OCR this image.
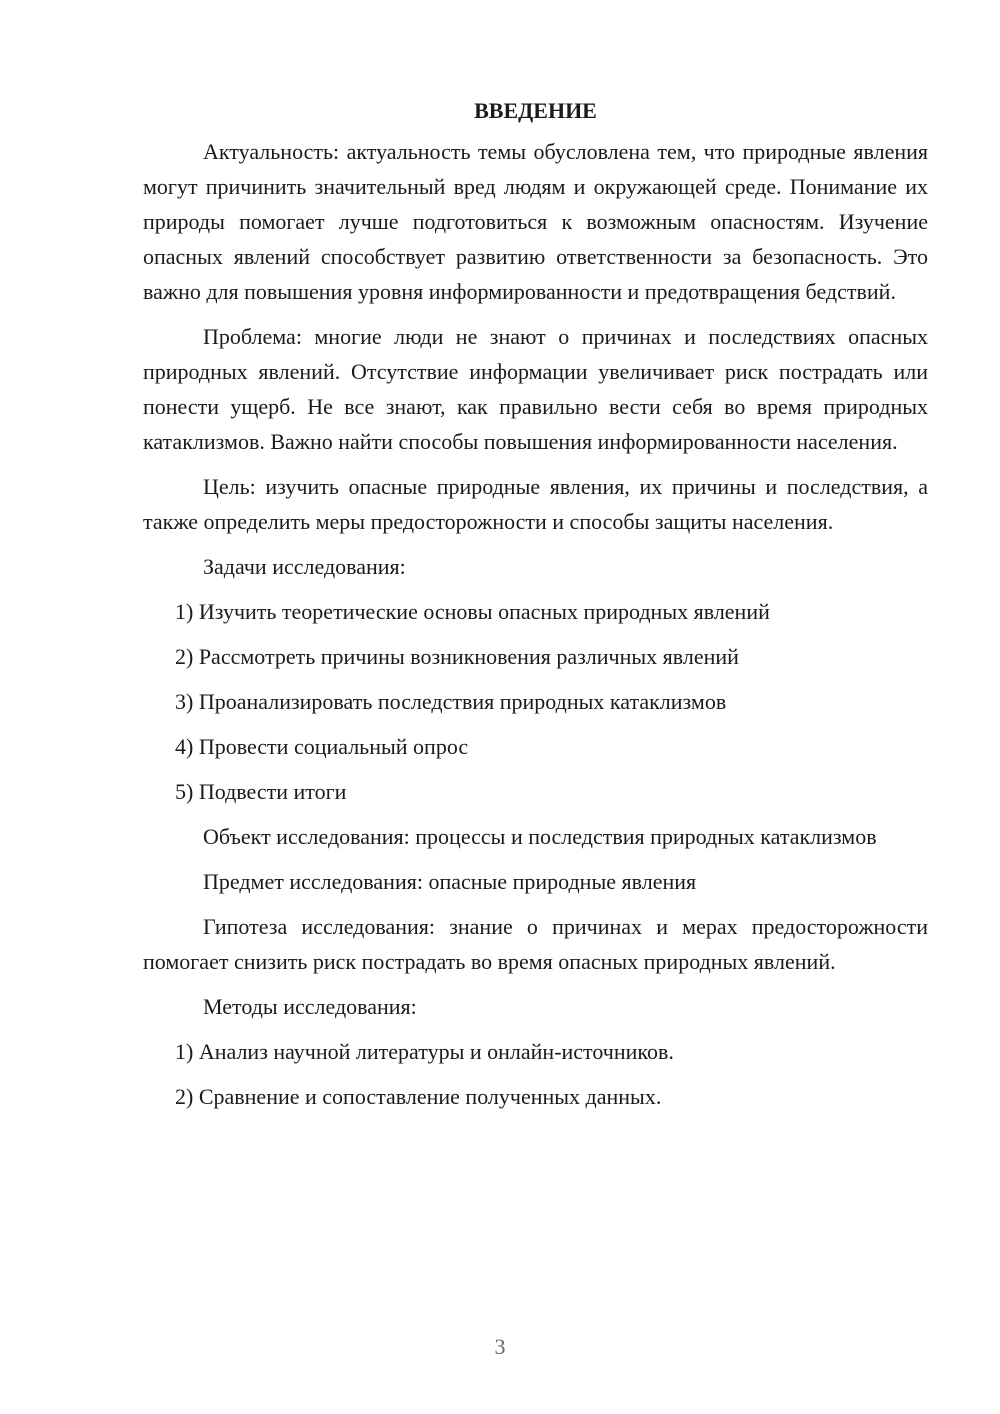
ВВЕДЕНИЕ

Актуальность: актуальность темы обусловлена тем, что природные явления могут причинить значительный вред людям и окружающей среде. Понимание их природы помогает лучше подготовиться к возможным опасностям. Изучение опасных явлений способствует развитию ответственности за безопасность. Это важно для повышения уровня информированности и предотвращения бедствий.

Проблема: многие люди не знают о причинах и последствиях опасных природных явлений. Отсутствие информации увеличивает риск пострадать или понести ущерб. Не все знают, как правильно вести себя во время природных катаклизмов. Важно найти способы повышения информированности населения.

Цель: изучить опасные природные явления, их причины и последствия, а также определить меры предосторожности и способы защиты населения.

Задачи исследования:

1) Изучить теоретические основы опасных природных явлений

2) Рассмотреть причины возникновения различных явлений

3) Проанализировать последствия природных катаклизмов

4) Провести социальный опрос

5) Подвести итоги

Объект исследования: процессы и последствия природных катаклизмов

Предмет исследования: опасные природные явления

Гипотеза исследования: знание о причинах и мерах предосторожности помогает снизить риск пострадать во время опасных природных явлений.

Методы исследования:

1) Анализ научной литературы и онлайн-источников.

2) Сравнение и сопоставление полученных данных.

3
